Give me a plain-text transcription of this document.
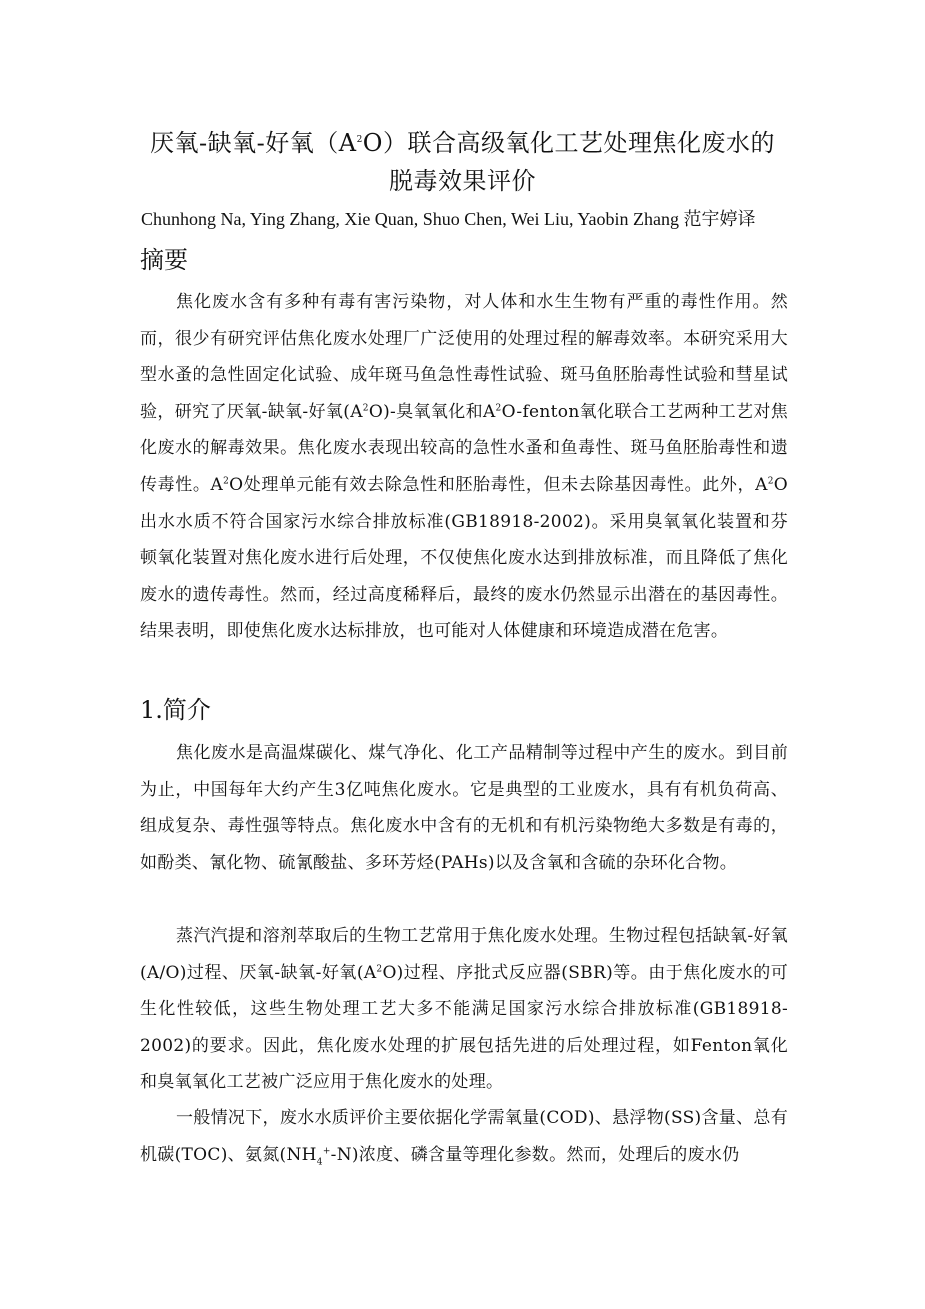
厌氧-缺氧-好氧$(A^2O)$联合高级氧化工艺处理焦化废水的
脱毒效果评价
Chunhong Na, Ying Zhang, Xie Quan, Shuo Chen, Wei Liu, Yaobin Zhang 范宇婷译
摘要
焦化废水含有多种有毒有害污染物，对人体和水生生物有严重的毒性作用。然而，很少有研究评估焦化废水处理厂广泛使用的处理过程的解毒效率。本研究采用大型水蚤的急性固定化试验、成年斑马鱼急性毒性试验、斑马鱼胚胎毒性试验和彗星试验，研究了厌氧-缺氧-好氧$(A^2O)-$臭氧氧化和$A^2O$-fenton氧化联合工艺两种工艺对焦化废水的解毒效果。焦化废水表现出较高的急性水蚤和鱼毒性、斑马鱼胚胎毒性和遗传毒性。$A^2O$处理单元能有效去除急性和胚胎毒性，但未去除基因毒性。此外，$A^2O$出水水质不符合国家污水综合排放标准(GB18918-2002)。采用臭氧氧化装置和芬顿氧化装置对焦化废水进行后处理，不仅使焦化废水达到排放标准，而且降低了焦化废水的遗传毒性。然而，经过高度稀释后，最终的废水仍然显示出潜在的基因毒性。结果表明，即使焦化废水达标排放，也可能对人体健康和环境造成潜在危害。
1.简介
焦化废水是高温煤碳化、煤气净化、化工产品精制等过程中产生的废水。到目前为止，中国每年大约产生3亿吨焦化废水。它是典型的工业废水，具有有机负荷高、组成复杂、毒性强等特点。焦化废水中含有的无机和有机污染物绝大多数是有毒的，如酚类、氰化物、硫氰酸盐、多环芳烃(PAHs)以及含氧和含硫的杂环化合物。
蒸汽汽提和溶剂萃取后的生物工艺常用于焦化废水处理。生物过程包括缺氧-好氧(A/O)过程、厌氧-缺氧-好氧$(A^2O)$过程、序批式反应器(SBR)等。由于焦化废水的可生化性较低，这些生物处理工艺大多不能满足国家污水综合排放标准(GB18918-2002)的要求。因此，焦化废水处理的扩展包括先进的后处理过程，如Fenton氧化和臭氧氧化工艺被广泛应用于焦化废水的处理。
一般情况下，废水水质评价主要依据化学需氧量(COD)、悬浮物(SS)含量、总有机碳(TOC)、氨氮$(NH_4^+-N)$浓度、磷含量等理化参数。然而，处理后的废水仍
